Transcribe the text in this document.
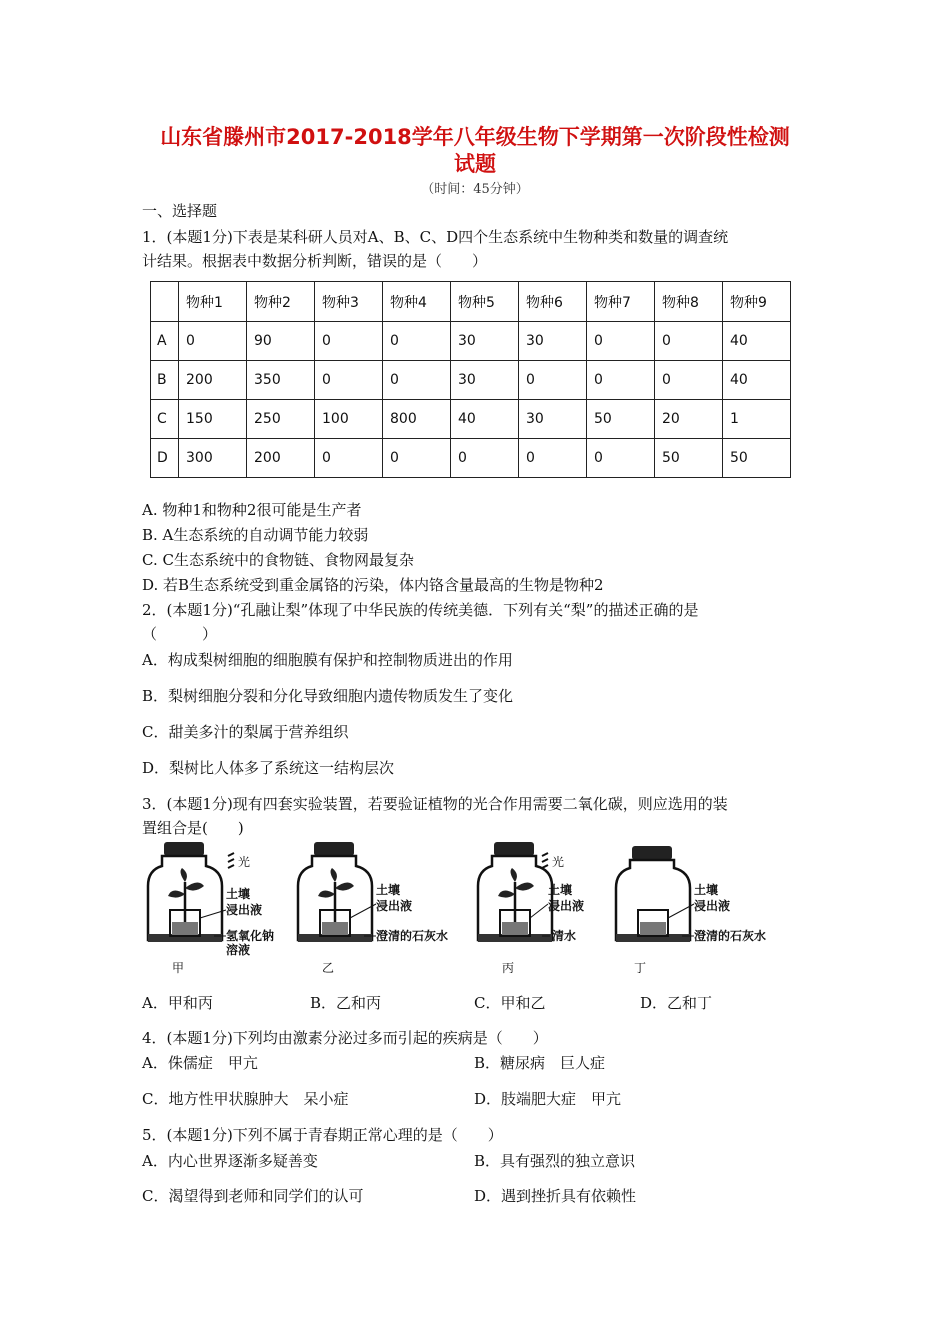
山东省滕州市2017-2018学年八年级生物下学期第一次阶段性检测
试题
（时间：45分钟）
一、选择题
1．(本题1分)下表是某科研人员对A、B、C、D四个生态系统中生物种类和数量的调查统
计结果。根据表中数据分析判断，错误的是（　　）
	物种1	物种2	物种3	物种4	物种5	物种6	物种7	物种8	物种9
A	0	90	0	0	30	30	0	0	40
B	200	350	0	0	30	0	0	0	40
C	150	250	100	800	40	30	50	20	1
D	300	200	0	0	0	0	0	50	50
A. 物种1和物种2很可能是生产者
B. A生态系统的自动调节能力较弱
C. C生态系统中的食物链、食物网最复杂
D. 若B生态系统受到重金属铬的污染，体内铬含量最高的生物是物种2
2．(本题1分)“孔融让梨”体现了中华民族的传统美德．下列有关“梨”的描述正确的是
（　　　）
A．构成梨树细胞的细胞膜有保护和控制物质进出的作用
B．梨树细胞分裂和分化导致细胞内遗传物质发生了变化
C．甜美多汁的梨属于营养组织
D．梨树比人体多了系统这一结构层次
3．(本题1分)现有四套实验装置，若要验证植物的光合作用需要二氧化碳，则应选用的装
置组合是(　　)
光
土壤
浸出液
氢氧化钠
溶液
甲
土壤
浸出液
澄清的石灰水
乙
光
土壤
浸出液
清水
丙
土壤
浸出液
澄清的石灰水
丁
A．甲和丙	B．乙和丙	C．甲和乙	D．乙和丁
4．(本题1分)下列均由激素分泌过多而引起的疾病是（　　）
A．侏儒症　甲亢	B．糖尿病　巨人症
C．地方性甲状腺肿大　呆小症	D．肢端肥大症　甲亢
5．(本题1分)下列不属于青春期正常心理的是（　　）
A．内心世界逐渐多疑善变	B．具有强烈的独立意识
C．渴望得到老师和同学们的认可	D．遇到挫折具有依赖性
